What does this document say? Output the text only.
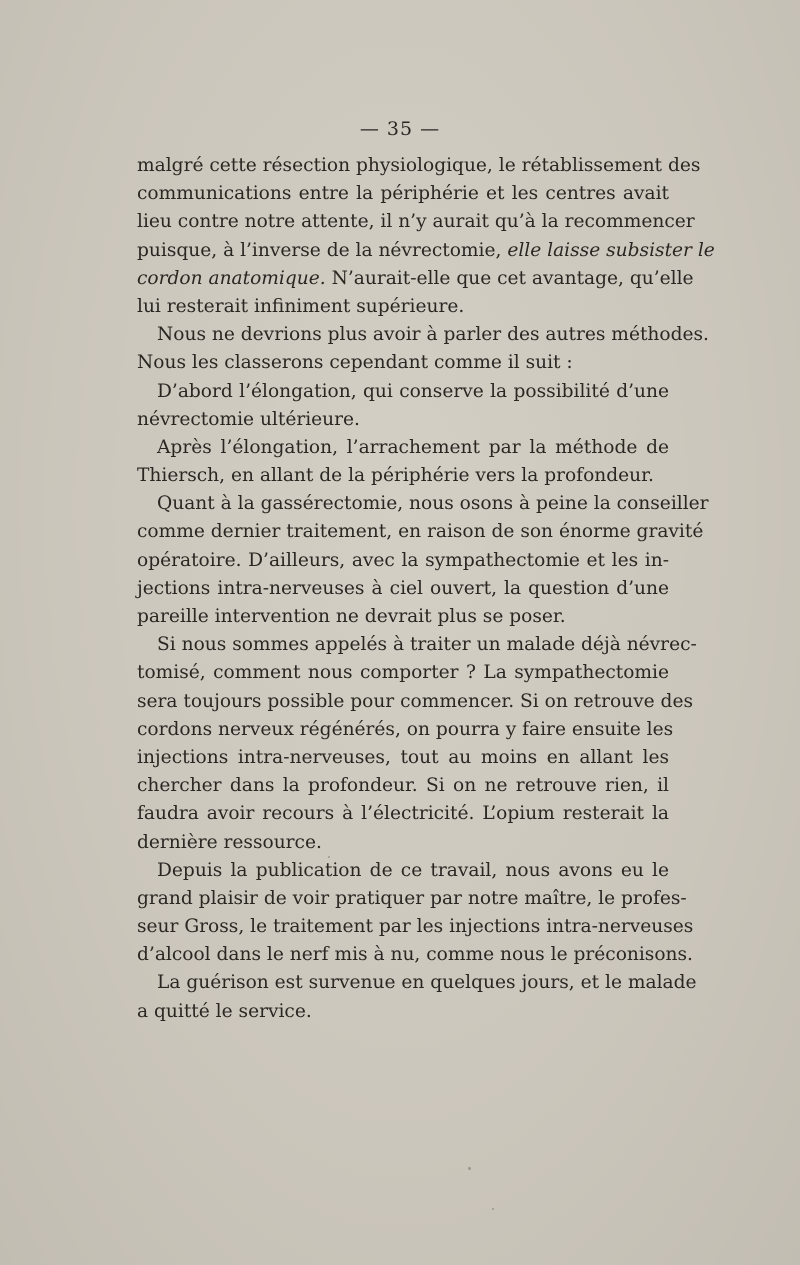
— 35 —
malgré cette résection physiologique, le rétablissement des
communications entre la périphérie et les centres avait
lieu contre notre attente, il n’y aurait qu’à la recommencer
puisque, à l’inverse de la névrectomie, elle laisse subsister le
cordon anatomique. N’aurait-elle que cet avantage, qu’elle
lui resterait infiniment supérieure.
Nous ne devrions plus avoir à parler des autres méthodes.
Nous les classerons cependant comme il suit :
D’abord l’élongation, qui conserve la possibilité d’une
névrectomie ultérieure.
Après l’élongation, l’arrachement par la méthode de
Thiersch, en allant de la périphérie vers la profondeur.
Quant à la gassérectomie, nous osons à peine la conseiller
comme dernier traitement, en raison de son énorme gravité
opératoire. D’ailleurs, avec la sympathectomie et les in-
jections intra-nerveuses à ciel ouvert, la question d’une
pareille intervention ne devrait plus se poser.
Si nous sommes appelés à traiter un malade déjà névrec-
tomisé, comment nous comporter ? La sympathectomie
sera toujours possible pour commencer. Si on retrouve des
cordons nerveux régénérés, on pourra y faire ensuite les
injections intra-nerveuses, tout au moins en allant les
chercher dans la profondeur. Si on ne retrouve rien, il
faudra avoir recours à l’électricité. L’opium resterait la
dernière ressource.
Depuis la publication de ce travail, nous avons eu le
grand plaisir de voir pratiquer par notre maître, le profes-
seur Gross, le traitement par les injections intra-nerveuses
d’alcool dans le nerf mis à nu, comme nous le préconisons.
La guérison est survenue en quelques jours, et le malade
a quitté le service.
